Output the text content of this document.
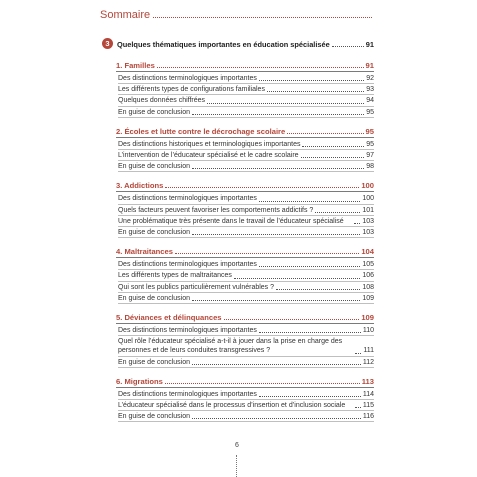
Sommaire
3	Quelques thématiques importantes en éducation spécialisée	91
1. Familles	91
Des distinctions terminologiques importantes	92
Les différents types de configurations familiales	93
Quelques données chiffrées	94
En guise de conclusion	95
2. Écoles et lutte contre le décrochage scolaire	95
Des distinctions historiques et terminologiques importantes	95
L’intervention de l’éducateur spécialisé et le cadre scolaire	97
En guise de conclusion	98
3. Addictions	100
Des distinctions terminologiques importantes	100
Quels facteurs peuvent favoriser les comportements addictifs ?	101
Une problématique très présente dans le travail de l’éducateur spécialisé	103
En guise de conclusion	103
4. Maltraitances	104
Des distinctions terminologiques importantes	105
Les différents types de maltraitances	106
Qui sont les publics particulièrement vulnérables ?	108
En guise de conclusion	109
5. Déviances et délinquances	109
Des distinctions terminologiques importantes	110
Quel rôle l’éducateur spécialisé a-t-il à jouer dans la prise en charge des personnes et de leurs conduites transgressives ?	111
En guise de conclusion	112
6. Migrations	113
Des distinctions terminologiques importantes	114
L’éducateur spécialisé dans le processus d’insertion et d’inclusion sociale	115
En guise de conclusion	116
6
